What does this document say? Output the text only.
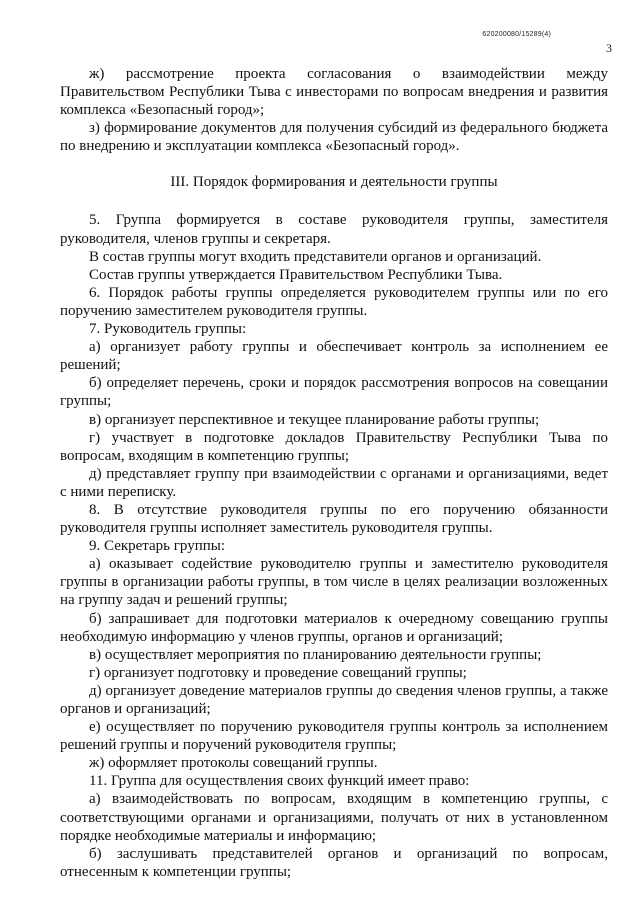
620200080/15289(4)
3

ж) рассмотрение проекта согласования о взаимодействии между Правительством Республики Тыва с инвесторами по вопросам внедрения и развития комплекса «Безопасный город»;

з) формирование документов для получения субсидий из федерального бюджета по внедрению и эксплуатации комплекса «Безопасный город».

III. Порядок формирования и деятельности группы

5. Группа формируется в составе руководителя группы, заместителя руководителя, членов группы и секретаря.

В состав группы могут входить представители органов и организаций.

Состав группы утверждается Правительством Республики Тыва.

6. Порядок работы группы определяется руководителем группы или по его поручению заместителем руководителя группы.

7. Руководитель группы:

а) организует работу группы и обеспечивает контроль за исполнением ее решений;

б) определяет перечень, сроки и порядок рассмотрения вопросов на совещании группы;

в) организует перспективное и текущее планирование работы группы;

г) участвует в подготовке докладов Правительству Республики Тыва по вопросам, входящим в компетенцию группы;

д) представляет группу при взаимодействии с органами и организациями, ведет с ними переписку.

8. В отсутствие руководителя группы по его поручению обязанности руководителя группы исполняет заместитель руководителя группы.

9. Секретарь группы:

а) оказывает содействие руководителю группы и заместителю руководителя группы в организации работы группы, в том числе в целях реализации возложенных на группу задач и решений группы;

б) запрашивает для подготовки материалов к очередному совещанию группы необходимую информацию у членов группы, органов и организаций;

в) осуществляет мероприятия по планированию деятельности группы;

г) организует подготовку и проведение совещаний группы;

д) организует доведение материалов группы до сведения членов группы, а также органов и организаций;

е) осуществляет по поручению руководителя группы контроль за исполнением решений группы и поручений руководителя группы;

ж) оформляет протоколы совещаний группы.

11. Группа для осуществления своих функций имеет право:

а) взаимодействовать по вопросам, входящим в компетенцию группы, с соответствующими органами и организациями, получать от них в установленном порядке необходимые материалы и информацию;

б) заслушивать представителей органов и организаций по вопросам, отнесенным к компетенции группы;
